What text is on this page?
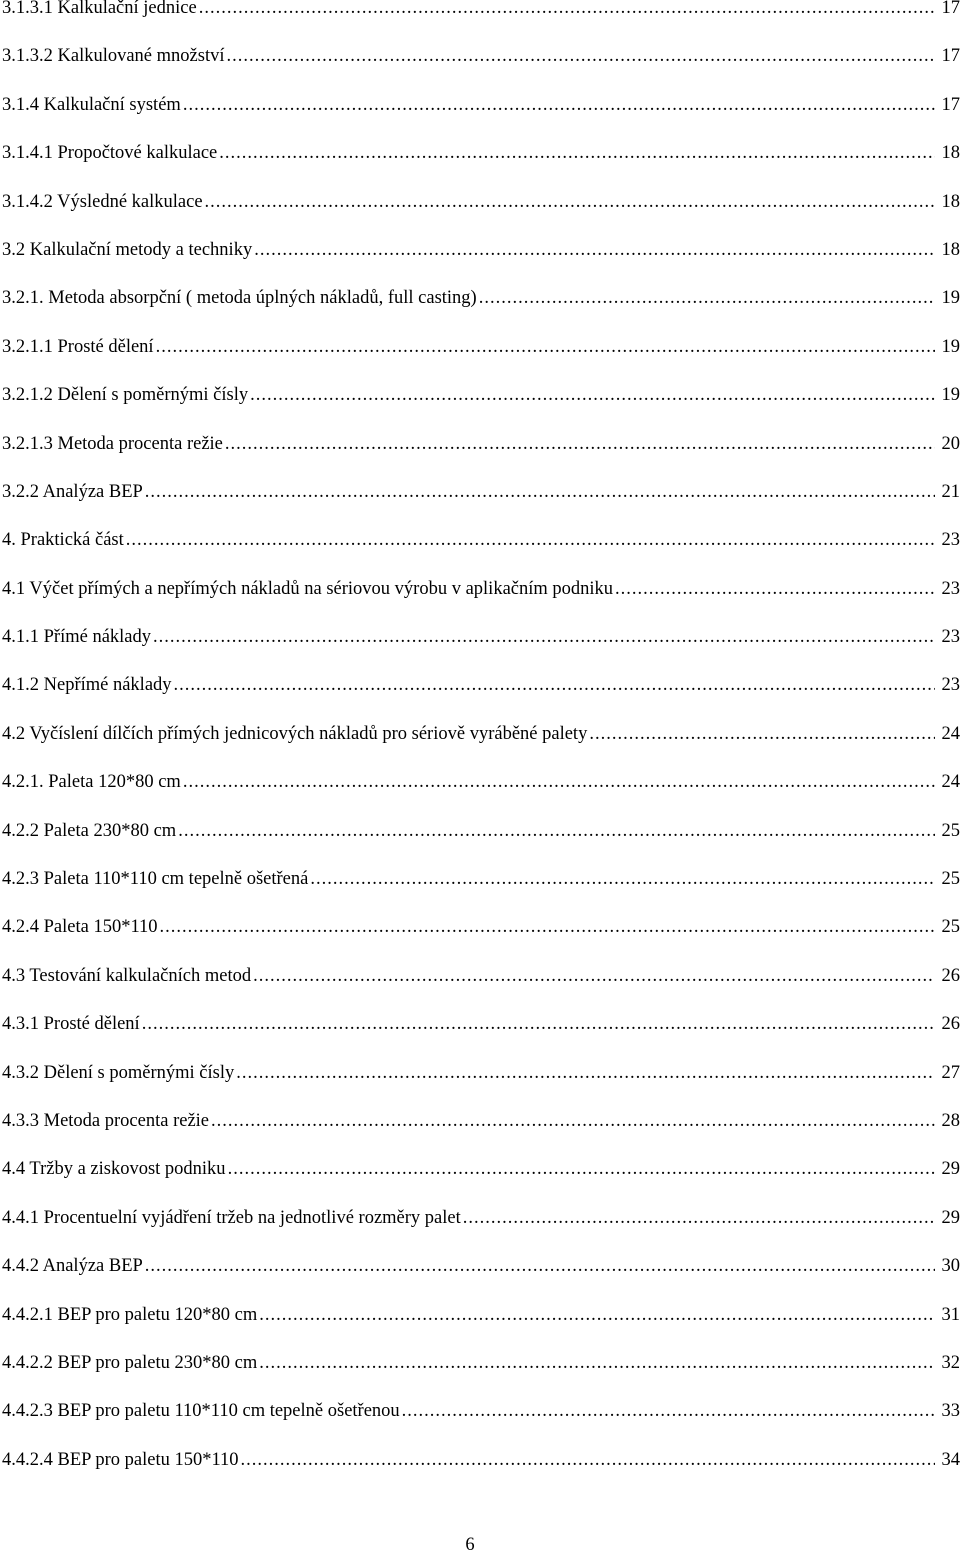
3.1.3.1 Kalkulační jednice .....	17
3.1.3.2 Kalkulované množství .....	17
3.1.4 Kalkulační systém .....	17
3.1.4.1 Propočtové kalkulace .....	18
3.1.4.2 Výsledné kalkulace .....	18
3.2 Kalkulační metody a techniky .....	18
3.2.1. Metoda absorpční ( metoda úplných nákladů, full casting) .....	19
3.2.1.1 Prosté dělení .....	19
3.2.1.2 Dělení s poměrnými čísly .....	19
3.2.1.3 Metoda procenta režie .....	20
3.2.2 Analýza BEP .....	21
4. Praktická část .....	23
4.1 Výčet přímých a nepřímých nákladů na sériovou výrobu v aplikačním podniku .....	23
4.1.1 Přímé náklady .....	23
4.1.2 Nepřímé náklady .....	23
4.2 Vyčíslení dílčích přímých jednicových nákladů pro sériově vyráběné palety .....	24
4.2.1. Paleta 120*80 cm .....	24
4.2.2 Paleta 230*80 cm .....	25
4.2.3 Paleta 110*110 cm tepelně ošetřená .....	25
4.2.4 Paleta 150*110 .....	25
4.3 Testování kalkulačních metod .....	26
4.3.1 Prosté dělení .....	26
4.3.2 Dělení s poměrnými čísly .....	27
4.3.3 Metoda procenta režie .....	28
4.4 Tržby a ziskovost podniku .....	29
4.4.1 Procentuelní vyjádření tržeb na jednotlivé rozměry palet .....	29
4.4.2 Analýza BEP .....	30
4.4.2.1 BEP pro paletu 120*80 cm .....	31
4.4.2.2 BEP pro paletu 230*80 cm .....	32
4.4.2.3 BEP pro paletu 110*110 cm tepelně ošetřenou .....	33
4.4.2.4 BEP pro paletu 150*110 .....	34
6
